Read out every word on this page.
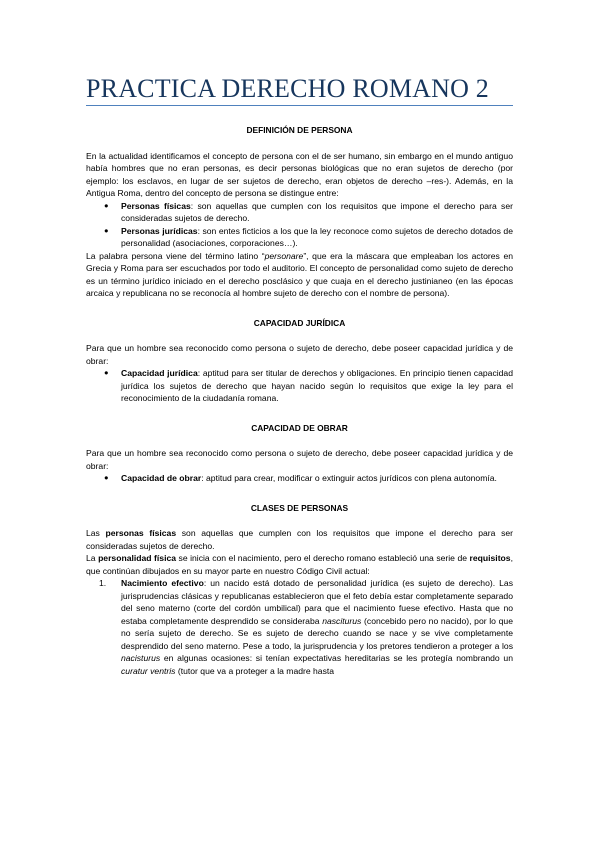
PRACTICA DERECHO ROMANO 2

DEFINICIÓN DE PERSONA

En la actualidad identificamos el concepto de persona con el de ser humano, sin embargo en el mundo antiguo había hombres que no eran personas, es decir personas biológicas que no eran sujetos de derecho (por ejemplo: los esclavos, en lugar de ser sujetos de derecho, eran objetos de derecho –res-). Además, en la Antigua Roma, dentro del concepto de persona se distingue entre:

● Personas físicas: son aquellas que cumplen con los requisitos que impone el derecho para ser consideradas sujetos de derecho.
● Personas jurídicas: son entes ficticios a los que la ley reconoce como sujetos de derecho dotados de personalidad (asociaciones, corporaciones…).

La palabra persona viene del término latino “personare”, que era la máscara que empleaban los actores en Grecia y Roma para ser escuchados por todo el auditorio. El concepto de personalidad como sujeto de derecho es un término jurídico iniciado en el derecho posclásico y que cuaja en el derecho justinianeo (en las épocas arcaica y republicana no se reconocía al hombre sujeto de derecho con el nombre de persona).

CAPACIDAD JURÍDICA

Para que un hombre sea reconocido como persona o sujeto de derecho, debe poseer capacidad jurídica y de obrar:

● Capacidad jurídica: aptitud para ser titular de derechos y obligaciones. En principio tienen capacidad jurídica los sujetos de derecho que hayan nacido según lo requisitos que exige la ley para el reconocimiento de la ciudadanía romana.

CAPACIDAD DE OBRAR

Para que un hombre sea reconocido como persona o sujeto de derecho, debe poseer capacidad jurídica y de obrar:

● Capacidad de obrar: aptitud para crear, modificar o extinguir actos jurídicos con plena autonomía.

CLASES DE PERSONAS

Las personas físicas son aquellas que cumplen con los requisitos que impone el derecho para ser consideradas sujetos de derecho.

La personalidad física se inicia con el nacimiento, pero el derecho romano estableció una serie de requisitos, que continúan dibujados en su mayor parte en nuestro Código Civil actual:

1. Nacimiento efectivo: un nacido está dotado de personalidad jurídica (es sujeto de derecho). Las jurisprudencias clásicas y republicanas establecieron que el feto debía estar completamente separado del seno materno (corte del cordón umbilical) para que el nacimiento fuese efectivo. Hasta que no estaba completamente desprendido se consideraba nasciturus (concebido pero no nacido), por lo que no sería sujeto de derecho. Se es sujeto de derecho cuando se nace y se vive completamente desprendido del seno materno. Pese a todo, la jurisprudencia y los pretores tendieron a proteger a los nacisturus en algunas ocasiones: si tenían expectativas hereditarias se les protegía nombrando un curatur ventris (tutor que va a proteger a la madre hasta
